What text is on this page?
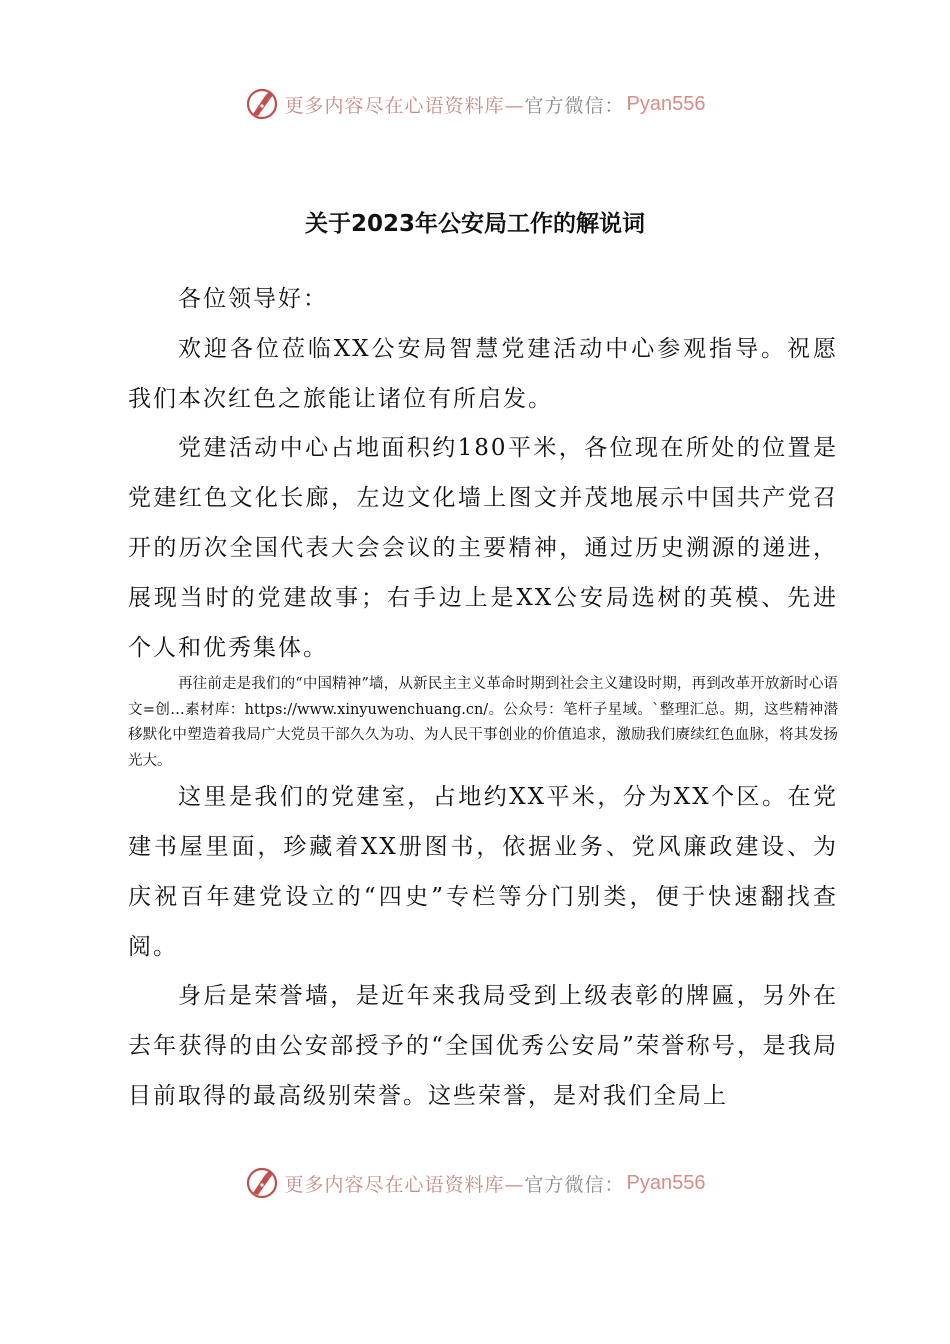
更多内容尽在心语资料库— 官方微信： Pyan556
关于2023年公安局工作的解说词

各位领导好：

欢迎各位莅临XX公安局智慧党建活动中心参观指导。祝愿我们本次红色之旅能让诸位有所启发。

党建活动中心占地面积约180平米，各位现在所处的位置是党建红色文化长廊，左边文化墙上图文并茂地展示中国共产党召开的历次全国代表大会会议的主要精神，通过历史溯源的递进，展现当时的党建故事；右手边上是XX公安局选树的英模、先进个人和优秀集体。

再往前走是我们的“中国精神”墙，从新民主主义革命时期到社会主义建设时期，再到改革开放新时心语文=创…素材库：https://www.xinyuwenchuang.cn/。公众号：笔杆子星域。`整理汇总。期，这些精神潜移默化中塑造着我局广大党员干部久久为功、为人民干事创业的价值追求，激励我们赓续红色血脉，将其发扬光大。

这里是我们的党建室，占地约XX平米，分为XX个区。在党建书屋里面，珍藏着XX册图书，依据业务、党风廉政建设、为庆祝百年建党设立的“四史”专栏等分门别类，便于快速翻找查阅。

身后是荣誉墙，是近年来我局受到上级表彰的牌匾，另外在去年获得的由公安部授予的“全国优秀公安局”荣誉称号，是我局目前取得的最高级别荣誉。这些荣誉，是对我们全局上

更多内容尽在心语资料库— 官方微信： Pyan556
